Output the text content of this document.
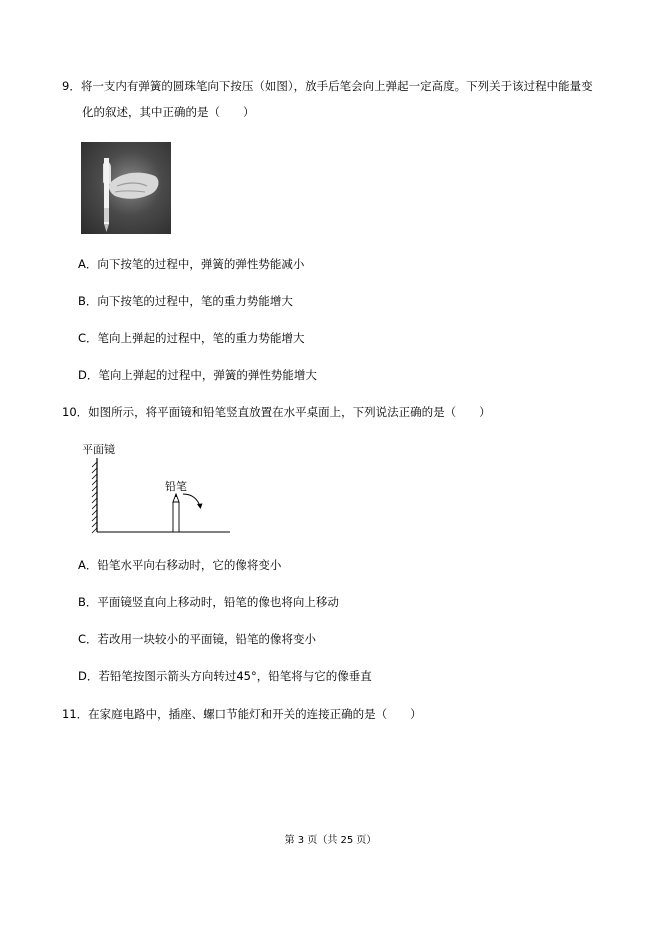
9．将一支内有弹簧的圆珠笔向下按压（如图），放手后笔会向上弹起一定高度。下列关于该过程中能量变
化的叙述，其中正确的是（　　）
A．向下按笔的过程中，弹簧的弹性势能减小
B．向下按笔的过程中，笔的重力势能增大
C．笔向上弹起的过程中，笔的重力势能增大
D．笔向上弹起的过程中，弹簧的弹性势能增大
10．如图所示，将平面镜和铅笔竖直放置在水平桌面上，下列说法正确的是（　　）
平面镜
铅笔
A．铅笔水平向右移动时，它的像将变小
B．平面镜竖直向上移动时，铅笔的像也将向上移动
C．若改用一块较小的平面镜，铅笔的像将变小
D．若铅笔按图示箭头方向转过45°，铅笔将与它的像垂直
11．在家庭电路中，插座、螺口节能灯和开关的连接正确的是（　　）
第 3 页（共 25 页）
